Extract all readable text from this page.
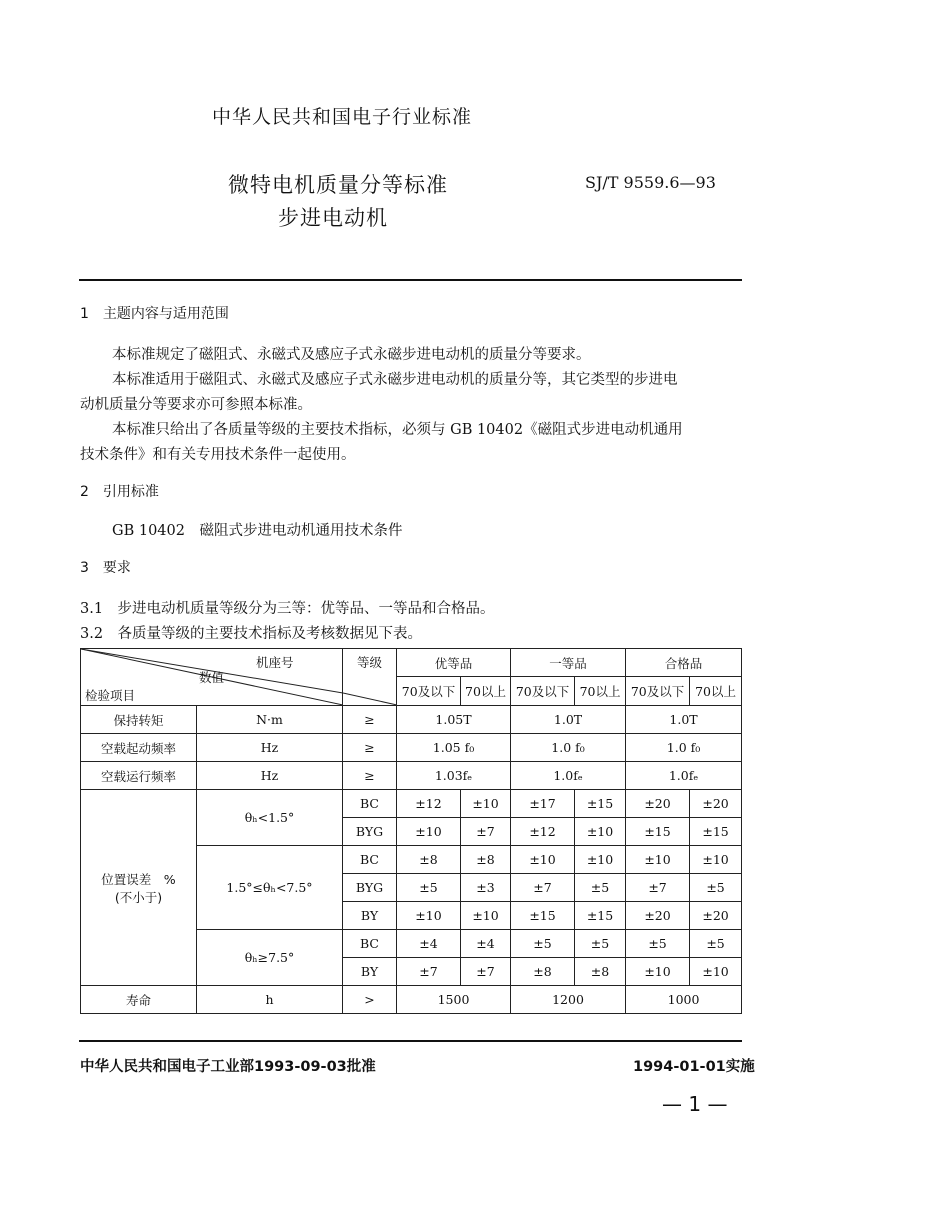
中华人民共和国电子行业标准
微特电机质量分等标准
步进电动机
SJ/T 9559.6—93
1　主题内容与适用范围
本标准规定了磁阻式、永磁式及感应子式永磁步进电动机的质量分等要求。
本标准适用于磁阻式、永磁式及感应子式永磁步进电动机的质量分等，其它类型的步进电
动机质量分等要求亦可参照本标准。
本标准只给出了各质量等级的主要技术指标，必须与 GB 10402《磁阻式步进电动机通用
技术条件》和有关专用技术条件一起使用。
2　引用标准
GB 10402　磁阻式步进电动机通用技术条件
3　要求
3.1　步进电动机质量等级分为三等：优等品、一等品和合格品。
3.2　各质量等级的主要技术指标及考核数据见下表。
机座号
数值
检验项目		等级	优等品		一等品		合格品	
			70及以下	70以上	70及以下	70以上	70及以下	70以上
保持转矩	N·m	≥	1.05T		1.0T		1.0T	
空载起动频率	Hz	≥	1.05 f₀		1.0 f₀		1.0 f₀	
空载运行频率	Hz	≥	1.03fₑ		1.0fₑ		1.0fₑ	

位置误差　%
(不小于)	θₕ<1.5°	BC	±12	±10	±17	±15	±20	±20
		BYG	±10	±7	±12	±10	±15	±15
	1.5°≤θₕ<7.5°	BC	±8	±8	±10	±10	±10	±10
		BYG	±5	±3	±7	±5	±7	±5
		BY	±10	±10	±15	±15	±20	±20
	θₕ≥7.5°	BC	±4	±4	±5	±5	±5	±5
		BY	±7	±7	±8	±8	±10	±10
寿命	h	>	1500		1200		1000	
中华人民共和国电子工业部1993-09-03批准	1994-01-01实施
— 1 —
